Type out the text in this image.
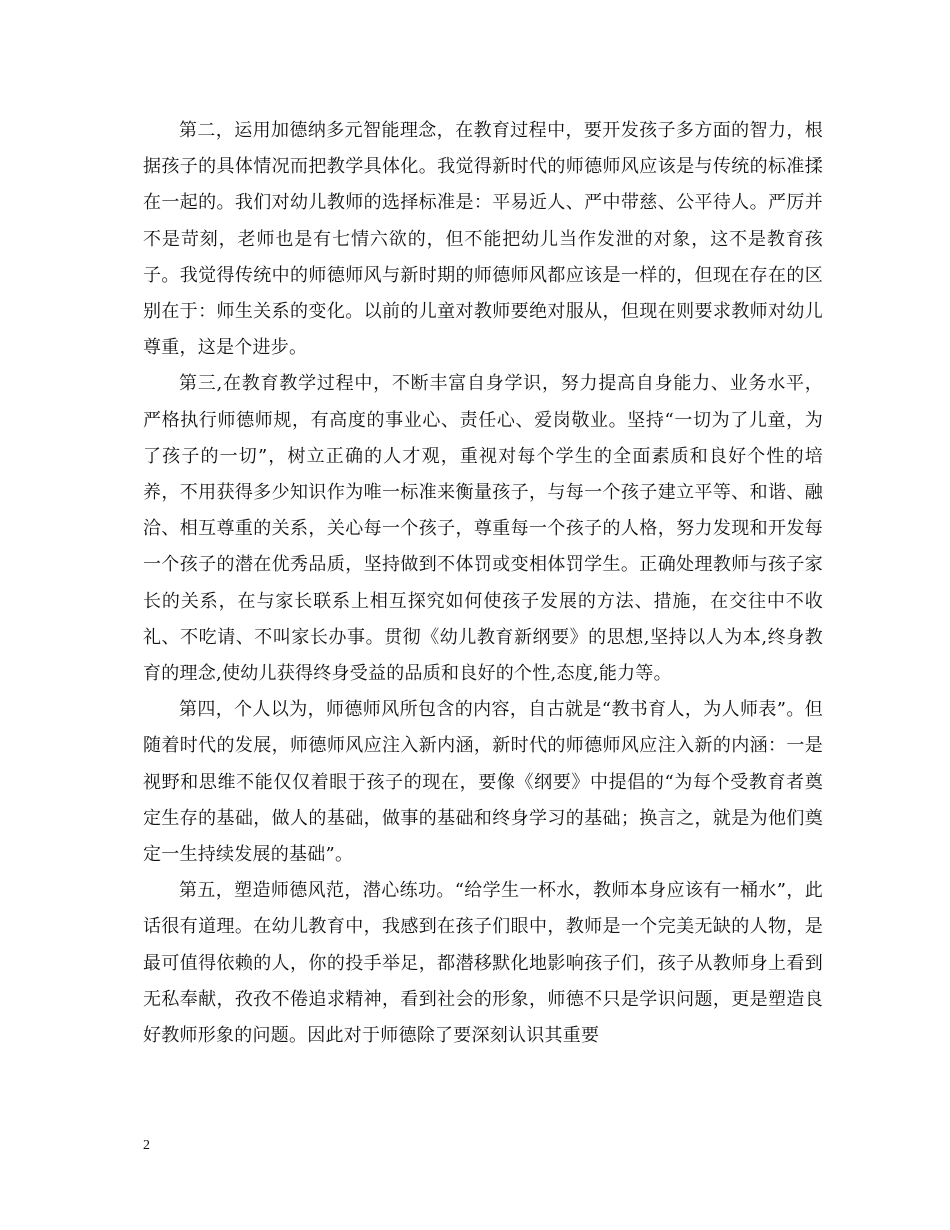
第二，运用加德纳多元智能理念，在教育过程中，要开发孩子多方面的智力，根据孩子的具体情况而把教学具体化。我觉得新时代的师德师风应该是与传统的标准揉在一起的。我们对幼儿教师的选择标准是：平易近人、严中带慈、公平待人。严厉并不是苛刻，老师也是有七情六欲的，但不能把幼儿当作发泄的对象，这不是教育孩子。我觉得传统中的师德师风与新时期的师德师风都应该是一样的，但现在存在的区别在于：师生关系的变化。以前的儿童对教师要绝对服从，但现在则要求教师对幼儿尊重，这是个进步。

第三,在教育教学过程中，不断丰富自身学识，努力提高自身能力、业务水平，严格执行师德师规，有高度的事业心、责任心、爱岗敬业。坚持“一切为了儿童，为了孩子的一切”，树立正确的人才观，重视对每个学生的全面素质和良好个性的培养，不用获得多少知识作为唯一标准来衡量孩子，与每一个孩子建立平等、和谐、融洽、相互尊重的关系，关心每一个孩子，尊重每一个孩子的人格，努力发现和开发每一个孩子的潜在优秀品质，坚持做到不体罚或变相体罚学生。正确处理教师与孩子家长的关系，在与家长联系上相互探究如何使孩子发展的方法、措施，在交往中不收礼、不吃请、不叫家长办事。贯彻《幼儿教育新纲要》的思想,坚持以人为本,终身教育的理念,使幼儿获得终身受益的品质和良好的个性,态度,能力等。

第四，个人以为，师德师风所包含的内容，自古就是“教书育人，为人师表”。但随着时代的发展，师德师风应注入新内涵，新时代的师德师风应注入新的内涵：一是视野和思维不能仅仅着眼于孩子的现在，要像《纲要》中提倡的“为每个受教育者奠定生存的基础，做人的基础，做事的基础和终身学习的基础；换言之，就是为他们奠定一生持续发展的基础”。

第五，塑造师德风范，潜心练功。“给学生一杯水，教师本身应该有一桶水”，此话很有道理。在幼儿教育中，我感到在孩子们眼中，教师是一个完美无缺的人物，是最可值得依赖的人，你的投手举足，都潜移默化地影响孩子们，孩子从教师身上看到无私奉献，孜孜不倦追求精神，看到社会的形象，师德不只是学识问题，更是塑造良好教师形象的问题。因此对于师德除了要深刻认识其重要

2
